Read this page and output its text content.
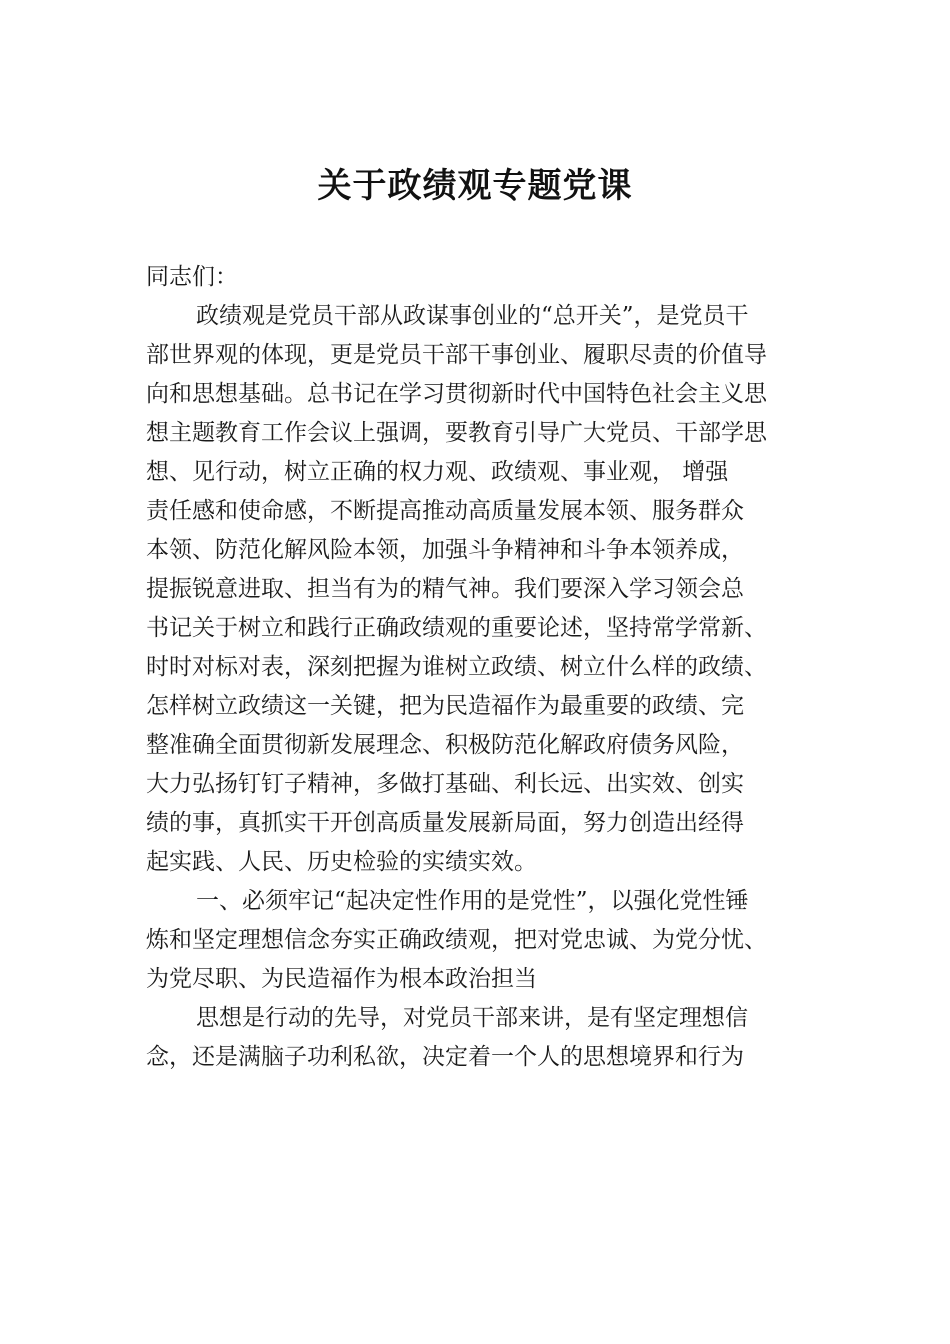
关于政绩观专题党课
同志们：
政绩观是党员干部从政谋事创业的“总开关”，是党员干
部世界观的体现，更是党员干部干事创业、履职尽责的价值导
向和思想基础。总书记在学习贯彻新时代中国特色社会主义思
想主题教育工作会议上强调，要教育引导广大党员、干部学思
想、见行动，树立正确的权力观、政绩观、事业观， 增强
责任感和使命感，不断提高推动高质量发展本领、服务群众
本领、防范化解风险本领，加强斗争精神和斗争本领养成，
提振锐意进取、担当有为的精气神。我们要深入学习领会总
书记关于树立和践行正确政绩观的重要论述，坚持常学常新、
时时对标对表，深刻把握为谁树立政绩、树立什么样的政绩、
怎样树立政绩这一关键，把为民造福作为最重要的政绩、完
整准确全面贯彻新发展理念、积极防范化解政府债务风险，
大力弘扬钉钉子精神，多做打基础、利长远、出实效、创实
绩的事，真抓实干开创高质量发展新局面，努力创造出经得
起实践、人民、历史检验的实绩实效。
一、必须牢记“起决定性作用的是党性”，以强化党性锤
炼和坚定理想信念夯实正确政绩观，把对党忠诚、为党分忧、
为党尽职、为民造福作为根本政治担当
思想是行动的先导，对党员干部来讲，是有坚定理想信
念，还是满脑子功利私欲，决定着一个人的思想境界和行为
